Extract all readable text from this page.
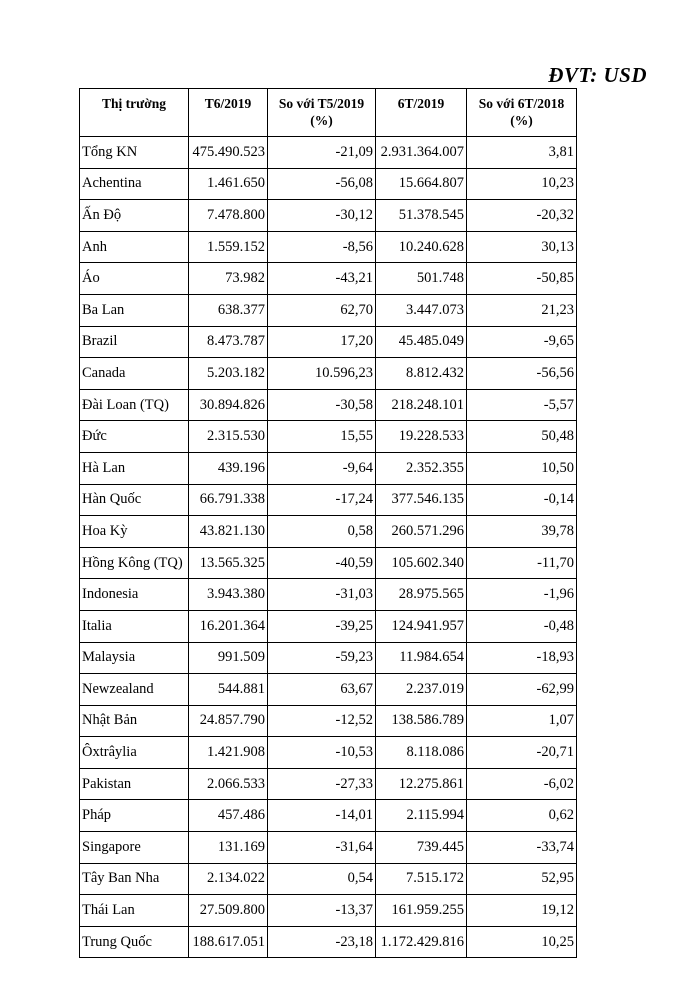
ĐVT: USD
Thị trường	T6/2019	So với T5/2019 (%)	6T/2019	So với 6T/2018 (%)
Tổng KN	475.490.523	-21,09	2.931.364.007	3,81
Achentina	1.461.650	-56,08	15.664.807	10,23
Ấn Độ	7.478.800	-30,12	51.378.545	-20,32
Anh	1.559.152	-8,56	10.240.628	30,13
Áo	73.982	-43,21	501.748	-50,85
Ba Lan	638.377	62,70	3.447.073	21,23
Brazil	8.473.787	17,20	45.485.049	-9,65
Canada	5.203.182	10.596,23	8.812.432	-56,56
Đài Loan (TQ)	30.894.826	-30,58	218.248.101	-5,57
Đức	2.315.530	15,55	19.228.533	50,48
Hà Lan	439.196	-9,64	2.352.355	10,50
Hàn Quốc	66.791.338	-17,24	377.546.135	-0,14
Hoa Kỳ	43.821.130	0,58	260.571.296	39,78
Hồng Kông (TQ)	13.565.325	-40,59	105.602.340	-11,70
Indonesia	3.943.380	-31,03	28.975.565	-1,96
Italia	16.201.364	-39,25	124.941.957	-0,48
Malaysia	991.509	-59,23	11.984.654	-18,93
Newzealand	544.881	63,67	2.237.019	-62,99
Nhật Bản	24.857.790	-12,52	138.586.789	1,07
Ôxtrâylia	1.421.908	-10,53	8.118.086	-20,71
Pakistan	2.066.533	-27,33	12.275.861	-6,02
Pháp	457.486	-14,01	2.115.994	0,62
Singapore	131.169	-31,64	739.445	-33,74
Tây Ban Nha	2.134.022	0,54	7.515.172	52,95
Thái Lan	27.509.800	-13,37	161.959.255	19,12
Trung Quốc	188.617.051	-23,18	1.172.429.816	10,25
